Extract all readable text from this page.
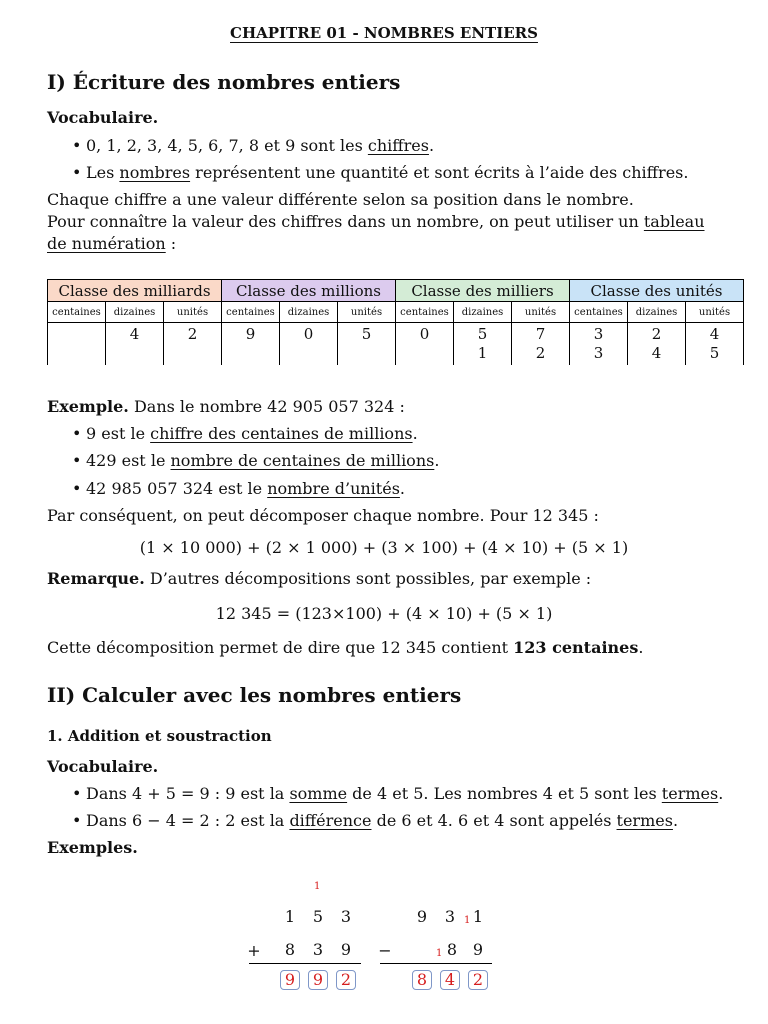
CHAPITRE 01 - NOMBRES ENTIERS
I) Écriture des nombres entiers
Vocabulaire.
• 0, 1, 2, 3, 4, 5, 6, 7, 8 et 9 sont les chiffres.
• Les nombres représentent une quantité et sont écrits à l’aide des chiffres.
Chaque chiffre a une valeur différente selon sa position dans le nombre.
Pour connaître la valeur des chiffres dans un nombre, on peut utiliser un tableau
de numération :
Classe des milliards			Classe des millions			Classe des milliers			Classe des unités		
centaines	dizaines	unités	centaines	dizaines	unités	centaines	dizaines	unités	centaines	dizaines	unités
	4	2	9	0	5	0	5	7	3	2	4
							1	2	3	4	5
Exemple. Dans le nombre 42 905 057 324 :
• 9 est le chiffre des centaines de millions.
• 429 est le nombre de centaines de millions.
• 42 985 057 324 est le nombre d’unités.
Par conséquent, on peut décomposer chaque nombre. Pour 12 345 :
(1 × 10 000) + (2 × 1 000) + (3 × 100) + (4 × 10) + (5 × 1)
Remarque. D’autres décompositions sont possibles, par exemple :
12 345 = (123×100) + (4 × 10) + (5 × 1)
Cette décomposition permet de dire que 12 345 contient 123 centaines.
II) Calculer avec les nombres entiers
1. Addition et soustraction
Vocabulaire.
• Dans 4 + 5 = 9 : 9 est la somme de 4 et 5. Les nombres 4 et 5 sont les termes.
• Dans 6 − 4 = 2 : 2 est la différence de 6 et 4. 6 et 4 sont appelés termes.
Exemples.
1
1	5	3
+	8	3	9
9	9	2
9	3 1 1
−	1 8 9
8	4	2
